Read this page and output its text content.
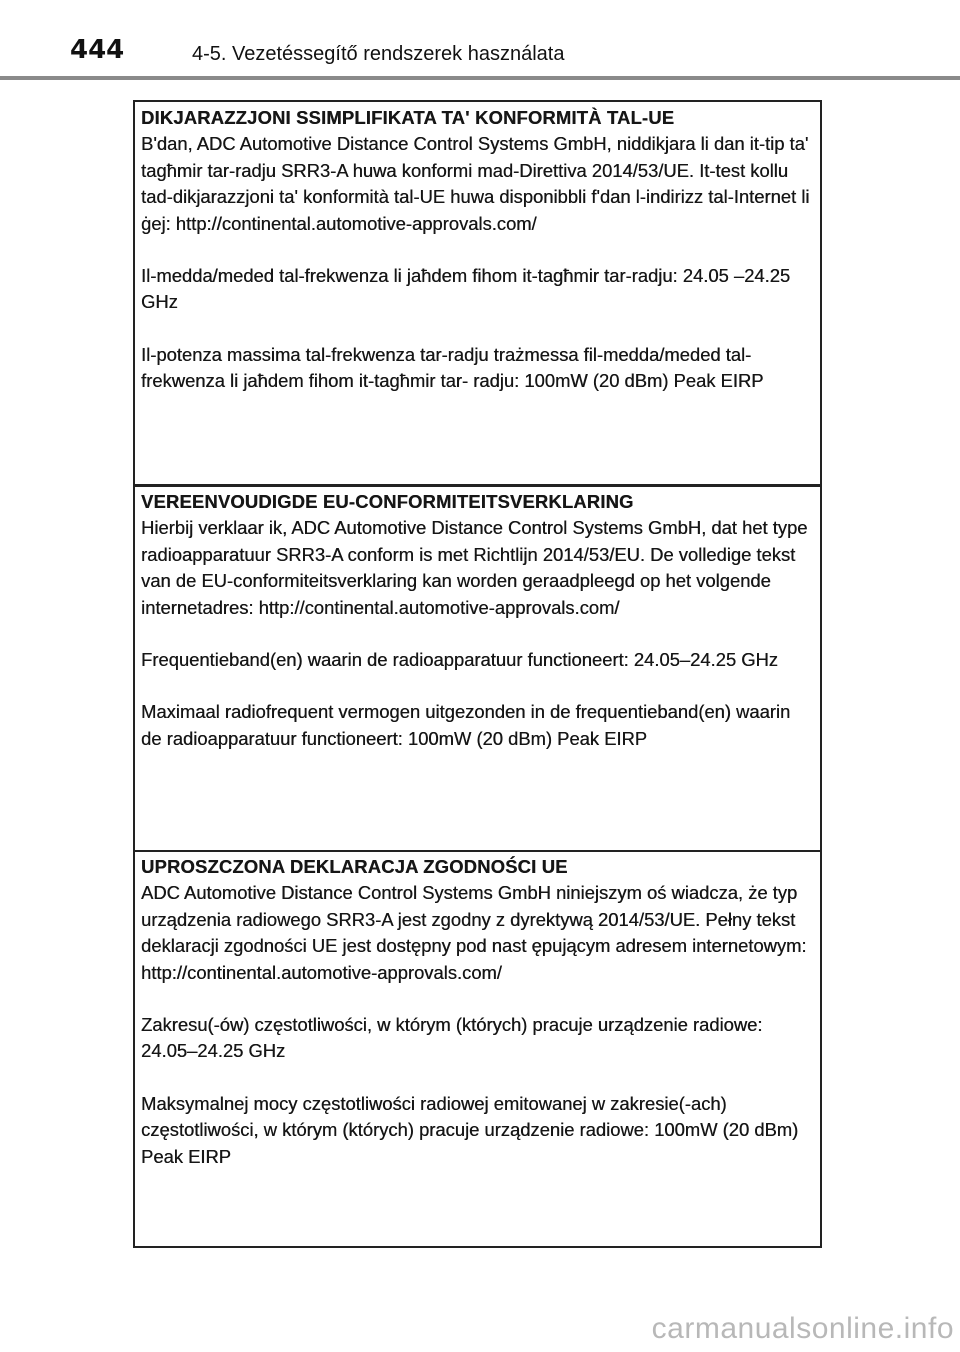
444	4-5. Vezetéssegítő rendszerek használata

DIKJARAZZJONI SSIMPLIFIKATA TA' KONFORMITÀ TAL-UE

B'dan, ADC Automotive Distance Control Systems GmbH, niddikjara li dan it-tip ta' tagħmir tar-radju SRR3-A huwa konformi mad-Direttiva 2014/53/UE. It-test kollu tad-dikjarazzjoni ta' konformità tal-UE huwa disponibbli f'dan l-indirizz tal-Internet li ġej: http://continental.automotive-approvals.com/

Il-medda/meded tal-frekwenza li jaħdem fihom it-tagħmir tar-radju: 24.05 –24.25 GHz

Il-potenza massima tal-frekwenza tar-radju trażmessa fil-medda/meded tal-frekwenza li jaħdem fihom it-tagħmir tar- radju: 100mW (20 dBm) Peak EIRP

VEREENVOUDIGDE EU-CONFORMITEITSVERKLARING

Hierbij verklaar ik, ADC Automotive Distance Control Systems GmbH, dat het type radioapparatuur SRR3-A conform is met Richtlijn 2014/53/EU. De volledige tekst van de EU-conformiteitsverklaring kan worden geraadpleegd op het volgende internetadres: http://continental.automotive-approvals.com/

Frequentieband(en) waarin de radioapparatuur functioneert: 24.05–24.25 GHz

Maximaal radiofrequent vermogen uitgezonden in de frequentieband(en) waarin de radioapparatuur functioneert: 100mW (20 dBm) Peak EIRP

UPROSZCZONA DEKLARACJA ZGODNOŚCI UE

ADC Automotive Distance Control Systems GmbH niniejszym oś wiadcza, że typ urządzenia radiowego SRR3-A jest zgodny z dyrektywą 2014/53/UE. Pełny tekst deklaracji zgodności UE jest dostępny pod nast ępującym adresem internetowym: http://continental.automotive-approvals.com/

Zakresu(-ów) częstotliwości, w którym (których) pracuje urządzenie radiowe: 24.05–24.25 GHz

Maksymalnej mocy częstotliwości radiowej emitowanej w zakresie(-ach) częstotliwości, w którym (których) pracuje urządzenie radiowe: 100mW (20 dBm) Peak EIRP

carmanualsonline.info
